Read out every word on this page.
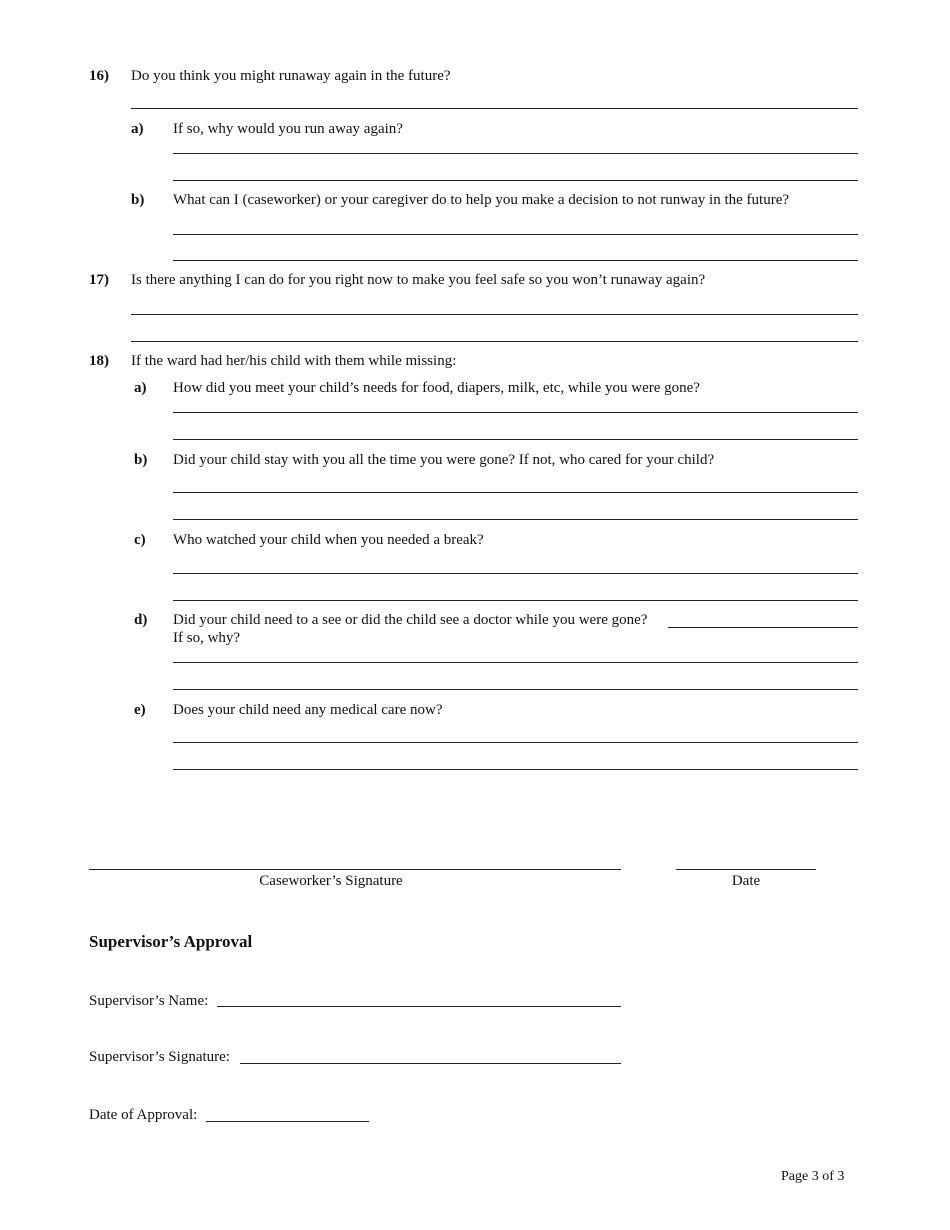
16) Do you think you might runaway again in the future?
a) If so, why would you run away again?
b) What can I (caseworker) or your caregiver do to help you make a decision to not runway in the future?
17) Is there anything I can do for you right now to make you feel safe so you won’t runaway again?
18) If the ward had her/his child with them while missing:
a) How did you meet your child’s needs for food, diapers, milk, etc, while you were gone?
b) Did your child stay with you all the time you were gone? If not, who cared for your child?
c) Who watched your child when you needed a break?
d) Did your child need to a see or did the child see a doctor while you were gone?
If so, why?
e) Does your child need any medical care now?
Caseworker’s Signature	Date
Supervisor’s Approval
Supervisor’s Name:
Supervisor’s Signature:
Date of Approval:
Page 3 of 3
